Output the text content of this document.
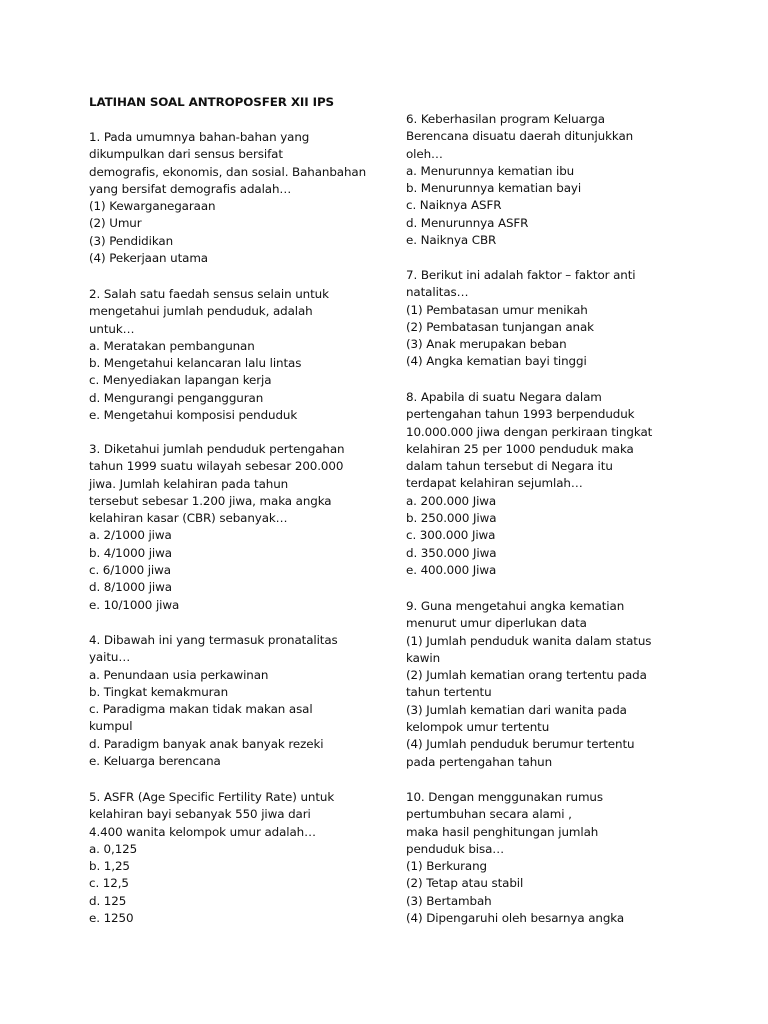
LATIHAN SOAL ANTROPOSFER XII IPS
1. Pada umumnya bahan-bahan yang
dikumpulkan dari sensus bersifat
demografis, ekonomis, dan sosial. Bahanbahan
yang bersifat demografis adalah…
(1) Kewarganegaraan
(2) Umur
(3) Pendidikan
(4) Pekerjaan utama
2. Salah satu faedah sensus selain untuk
mengetahui jumlah penduduk, adalah
untuk…
a. Meratakan pembangunan
b. Mengetahui kelancaran lalu lintas
c. Menyediakan lapangan kerja
d. Mengurangi pengangguran
e. Mengetahui komposisi penduduk
3. Diketahui jumlah penduduk pertengahan
tahun 1999 suatu wilayah sebesar 200.000
jiwa. Jumlah kelahiran pada tahun
tersebut sebesar 1.200 jiwa, maka angka
kelahiran kasar (CBR) sebanyak…
a. 2/1000 jiwa
b. 4/1000 jiwa
c. 6/1000 jiwa
d. 8/1000 jiwa
e. 10/1000 jiwa
4. Dibawah ini yang termasuk pronatalitas
yaitu…
a. Penundaan usia perkawinan
b. Tingkat kemakmuran
c. Paradigma makan tidak makan asal
kumpul
d. Paradigm banyak anak banyak rezeki
e. Keluarga berencana
5. ASFR (Age Specific Fertility Rate) untuk
kelahiran bayi sebanyak 550 jiwa dari
4.400 wanita kelompok umur adalah…
a. 0,125
b. 1,25
c. 12,5
d. 125
e. 1250
6. Keberhasilan program Keluarga
Berencana disuatu daerah ditunjukkan
oleh…
a. Menurunnya kematian ibu
b. Menurunnya kematian bayi
c. Naiknya ASFR
d. Menurunnya ASFR
e. Naiknya CBR
7. Berikut ini adalah faktor – faktor anti
natalitas…
(1) Pembatasan umur menikah
(2) Pembatasan tunjangan anak
(3) Anak merupakan beban
(4) Angka kematian bayi tinggi
8. Apabila di suatu Negara dalam
pertengahan tahun 1993 berpenduduk
10.000.000 jiwa dengan perkiraan tingkat
kelahiran 25 per 1000 penduduk maka
dalam tahun tersebut di Negara itu
terdapat kelahiran sejumlah…
a. 200.000 Jiwa
b. 250.000 Jiwa
c. 300.000 Jiwa
d. 350.000 Jiwa
e. 400.000 Jiwa
9. Guna mengetahui angka kematian
menurut umur diperlukan data
(1) Jumlah penduduk wanita dalam status
kawin
(2) Jumlah kematian orang tertentu pada
tahun tertentu
(3) Jumlah kematian dari wanita pada
kelompok umur tertentu
(4) Jumlah penduduk berumur tertentu
pada pertengahan tahun
10. Dengan menggunakan rumus
pertumbuhan secara alami ,
maka hasil penghitungan jumlah
penduduk bisa…
(1) Berkurang
(2) Tetap atau stabil
(3) Bertambah
(4) Dipengaruhi oleh besarnya angka
